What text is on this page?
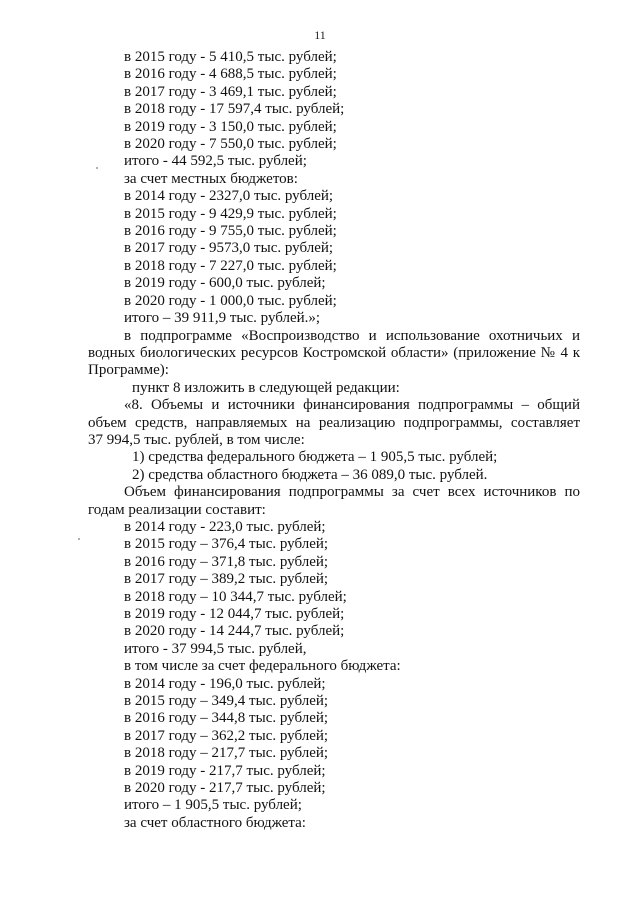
11

в 2015 году - 5 410,5 тыс. рублей;

в 2016 году - 4 688,5 тыс. рублей;

в 2017 году - 3 469,1 тыс. рублей;

в 2018 году - 17 597,4 тыс. рублей;

в 2019 году - 3 150,0 тыс. рублей;

в 2020 году - 7 550,0 тыс. рублей;

итого - 44 592,5 тыс. рублей;

за счет местных бюджетов:

в 2014 году - 2327,0 тыс. рублей;

в 2015 году - 9 429,9 тыс. рублей;

в 2016 году - 9 755,0 тыс. рублей;

в 2017 году - 9573,0 тыс. рублей;

в 2018 году - 7 227,0 тыс. рублей;

в 2019 году - 600,0 тыс. рублей;

в 2020 году - 1 000,0 тыс. рублей;

итого – 39 911,9 тыс. рублей.»;

в подпрограмме «Воспроизводство и использование охотничьих и

водных биологических ресурсов Костромской области» (приложение № 4 к Программе):

пункт 8 изложить в следующей редакции:

«8. Объемы и источники финансирования подпрограммы – общий

объем средств, направляемых на реализацию подпрограммы, составляет

37 994,5 тыс. рублей, в том числе:

1) средства федерального бюджета – 1 905,5 тыс. рублей;

2) средства областного бюджета – 36 089,0 тыс. рублей.

Объем финансирования подпрограммы за счет всех источников по

годам реализации составит:

в 2014 году - 223,0 тыс. рублей;

в 2015 году – 376,4 тыс. рублей;

в 2016 году – 371,8 тыс. рублей;

в 2017 году – 389,2 тыс. рублей;

в 2018 году – 10 344,7 тыс. рублей;

в 2019 году - 12 044,7 тыс. рублей;

в 2020 году - 14 244,7 тыс. рублей;

итого - 37 994,5 тыс. рублей,

в том числе за счет федерального бюджета:

в 2014 году - 196,0 тыс. рублей;

в 2015 году – 349,4 тыс. рублей;

в 2016 году – 344,8 тыс. рублей;

в 2017 году – 362,2 тыс. рублей;

в 2018 году – 217,7 тыс. рублей;

в 2019 году - 217,7 тыс. рублей;

в 2020 году - 217,7 тыс. рублей;

итого – 1 905,5 тыс. рублей;

за счет областного бюджета:
